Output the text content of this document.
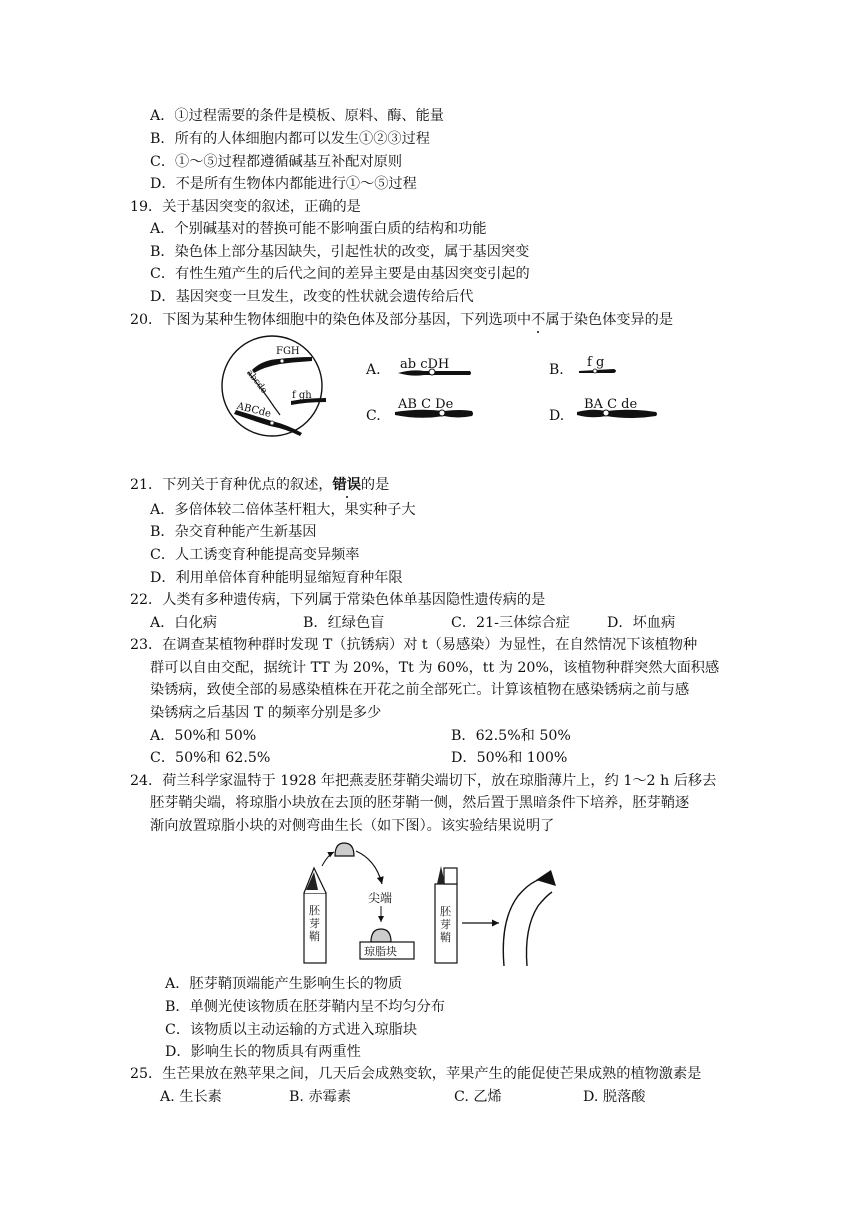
A．①过程需要的条件是模板、原料、酶、能量
B．所有的人体细胞内都可以发生①②③过程
C．①～⑤过程都遵循碱基互补配对原则
D．不是所有生物体内都能进行①～⑤过程
19．关于基因突变的叙述，正确的是
A．个别碱基对的替换可能不影响蛋白质的结构和功能
B．染色体上部分基因缺失，引起性状的改变，属于基因突变
C．有性生殖产生的后代之间的差异主要是由基因突变引起的
D．基因突变一旦发生，改变的性状就会遗传给后代
20．下图为某种生物体细胞中的染色体及部分基因，下列选项中不属于染色体变异的是
FGH
abcde f gh
ABCde
A. ab cDH	B. f g
C.
AB C De
D.
BA C de
21．下列关于育种优点的叙述，错误的是
A．多倍体较二倍体茎杆粗大，果实种子大
B．杂交育种能产生新基因
C．人工诱变育种能提高变异频率
D．利用单倍体育种能明显缩短育种年限
22．人类有多种遗传病，下列属于常染色体单基因隐性遗传病的是
A．白化病	B．红绿色盲	C．21-三体综合症	D．坏血病
23．在调查某植物种群时发现 T（抗锈病）对 t（易感染）为显性，在自然情况下该植物种
群可以自由交配，据统计 TT 为 20%，Tt 为 60%，tt 为 20%，该植物种群突然大面积感
染锈病，致使全部的易感染植株在开花之前全部死亡。计算该植物在感染锈病之前与感
染锈病之后基因 T 的频率分别是多少
A．50%和 50%	B．62.5%和 50%
C．50%和 62.5%	D．50%和 100%
24．荷兰科学家温特于 1928 年把燕麦胚芽鞘尖端切下，放在琼脂薄片上，约 1～2 h 后移去
胚芽鞘尖端，将琼脂小块放在去顶的胚芽鞘一侧，然后置于黑暗条件下培养，胚芽鞘逐
渐向放置琼脂小块的对侧弯曲生长（如下图）。该实验结果说明了
胚芽鞘
尖端
琼脂块
胚芽鞘
A．胚芽鞘顶端能产生影响生长的物质
B．单侧光使该物质在胚芽鞘内呈不均匀分布
C．该物质以主动运输的方式进入琼脂块
D．影响生长的物质具有两重性
25．生芒果放在熟苹果之间，几天后会成熟变软，苹果产生的能促使芒果成熟的植物激素是
A. 生长素	B. 赤霉素	C. 乙烯	D. 脱落酸
